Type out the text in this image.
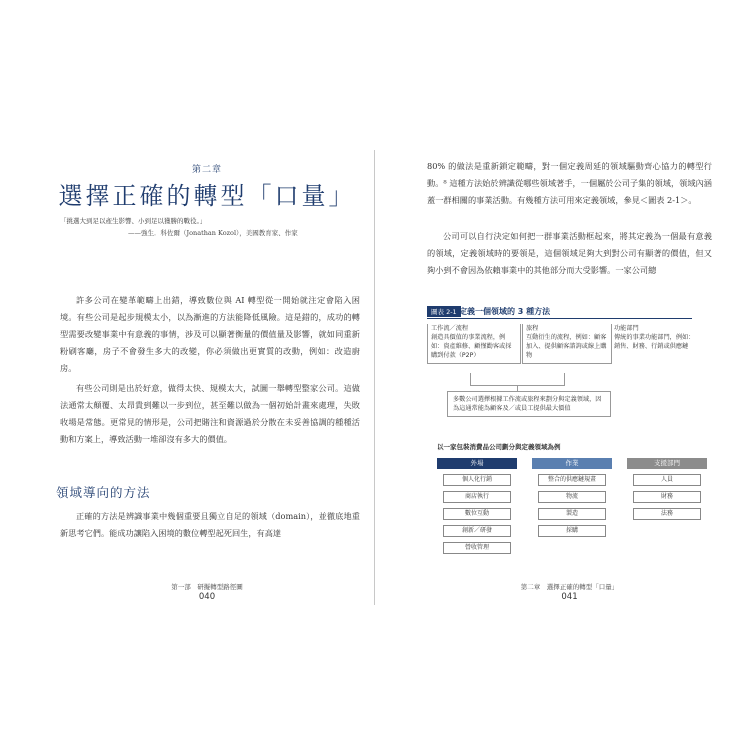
第二章
選擇正確的轉型「口量」
「挑選大到足以產生影響、小到足以獲勝的戰役。」
——強生．科佐爾（Jonathan Kozol），美國教育家、作家
許多公司在變革範疇上出錯，導致數位與 AI 轉型從一開始就注定會陷入困境。有些公司是起步規模太小，以為漸進的方法能降低風險。這是錯的，成功的轉型需要改變事業中有意義的事情，涉及可以顯著衡量的價值量及影響，就如同重新粉刷客廳，房子不會發生多大的改變，你必須做出更實質的改動，例如：改造廚房。
有些公司則是出於好意，做得太快、規模太大，試圖一舉轉型整家公司。這做法通常太顛覆、太昂貴到難以一步到位，甚至難以做為一個初始計畫來處理，失敗收場是常態。更常見的情形是，公司把賭注和資源過於分散在未妥善協調的種種活動和方案上，導致活動一堆卻沒有多大的價值。
領域導向的方法
正確的方法是辨識事業中幾個重要且獨立自足的領域（domain），並徹底地重新思考它們。能成功讓陷入困境的數位轉型起死回生，有高達
第一部　研擬轉型路徑圖
040
80% 的做法是重新鎖定範疇，對一個定義周延的領域驅動齊心協力的轉型行動。⁸ 這種方法始於辨識從哪些領域著手，一個屬於公司子集的領域，領域內涵蓋一群相關的事業活動。有幾種方法可用來定義領域，參見＜圖表 2-1＞。
公司可以自行決定如何把一群事業活動框起來，將其定義為一個最有意義的領域，定義領域時的要領是，這個領域足夠大到對公司有顯著的價值，但又夠小到不會因為依賴事業中的其他部分而大受影響。一家公司總
圖表 2-1 定義一個領域的 3 種方法
工作流／流程
創造具價值的事業流程，例如：資產維修、顧慬勸客或採購到付款（P2P）
旅程
互動衍生的流程，例如：顧客加入、提供顧客諮詢或線上購物
功能部門
傳統的事業功能部門，例如：銷售、財務、行銷或供應鏈
多數公司選擇根據工作流或旅程來劃分與定義領域，因為這通常能為顧客及／或員工提供最大價值
以一家包裝消費品公司劃分與定義領域為例
外場
個人化行銷
商店執行
數位互動
創新／研發
營收管理
作業
整合的供應鏈規畫
物流
製造
採購
支援部門
人員
財務
法務
第二章　選擇正確的轉型「口量」
041
